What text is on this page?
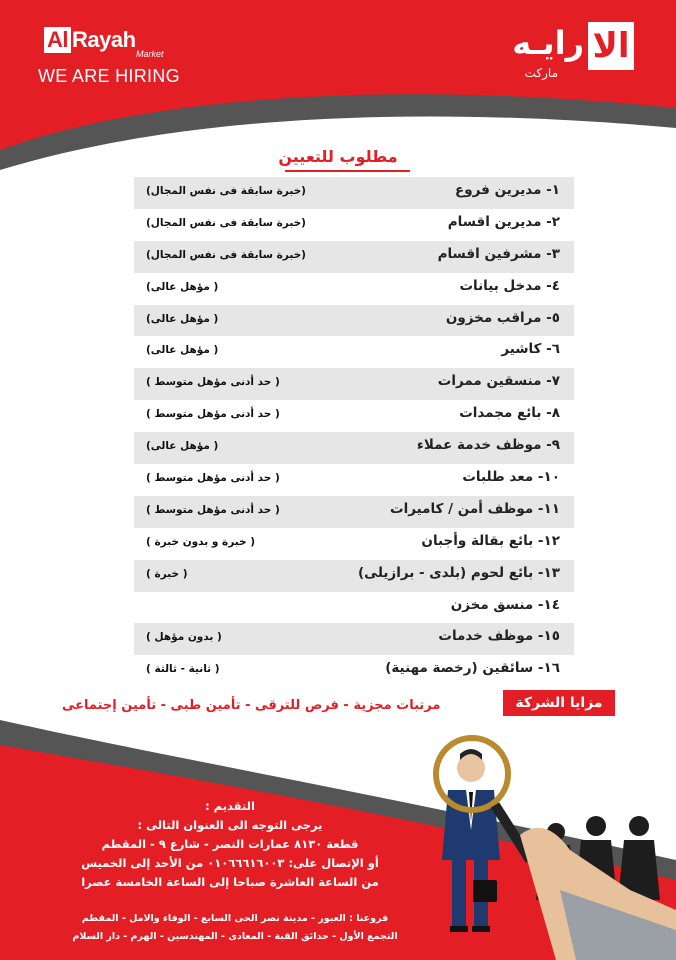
Al Rayah
Market
WE ARE HIRING
الا
رايـه
ماركت
مطلوب للتعيين
١- مديرين فروع
(خبرة سابقة فى نفس المجال)
٢- مديرين اقسام
(خبرة سابقة فى نفس المجال)
٣- مشرفين اقسام
(خبرة سابقة فى نفس المجال)
٤- مدخل بيانات
( مؤهل عالى)
٥- مراقب مخزون
( مؤهل عالى)
٦- كاشير
( مؤهل عالى)
٧- منسقين ممرات
( حد أدنى مؤهل متوسط )
٨- بائع مجمدات
( حد أدنى مؤهل متوسط )
٩- موظف خدمة عملاء
( مؤهل عالى)
١٠- معد طلبات
( حد أدنى مؤهل متوسط )
١١- موظف أمن / كاميرات
( حد أدنى مؤهل متوسط )
١٢- بائع بقالة وأجبان
( خبرة و بدون خبرة )
١٣- بائع لحوم (بلدى - برازيلى)
( خبرة )
١٤- منسق مخزن
١٥- موظف خدمات
( بدون مؤهل )
١٦- سائقين (رخصة مهنية)
( ثانية - ثالثة )
مزايا الشركة
مرتبات مجزية - فرص للترقى - تأمين طبى - تأمين إجتماعى
التقديم :
يرجى التوجه الى العنوان التالى :
قطعة ٨١٣٠ عمارات النصر - شارع ٩ - المقطم
أو الإتصال على: ٠١٠٦٦٦١٦٠٠٣ من الأحد إلى الخميس
من الساعة العاشرة صباحا إلى الساعة الخامسة عصرا
فروعنا : العبور - مدينة نصر الحى السابع - الوفاء والامل - المقطم
التجمع الأول - حدائق القبة - المعادى - المهندسين - الهرم - دار السلام
